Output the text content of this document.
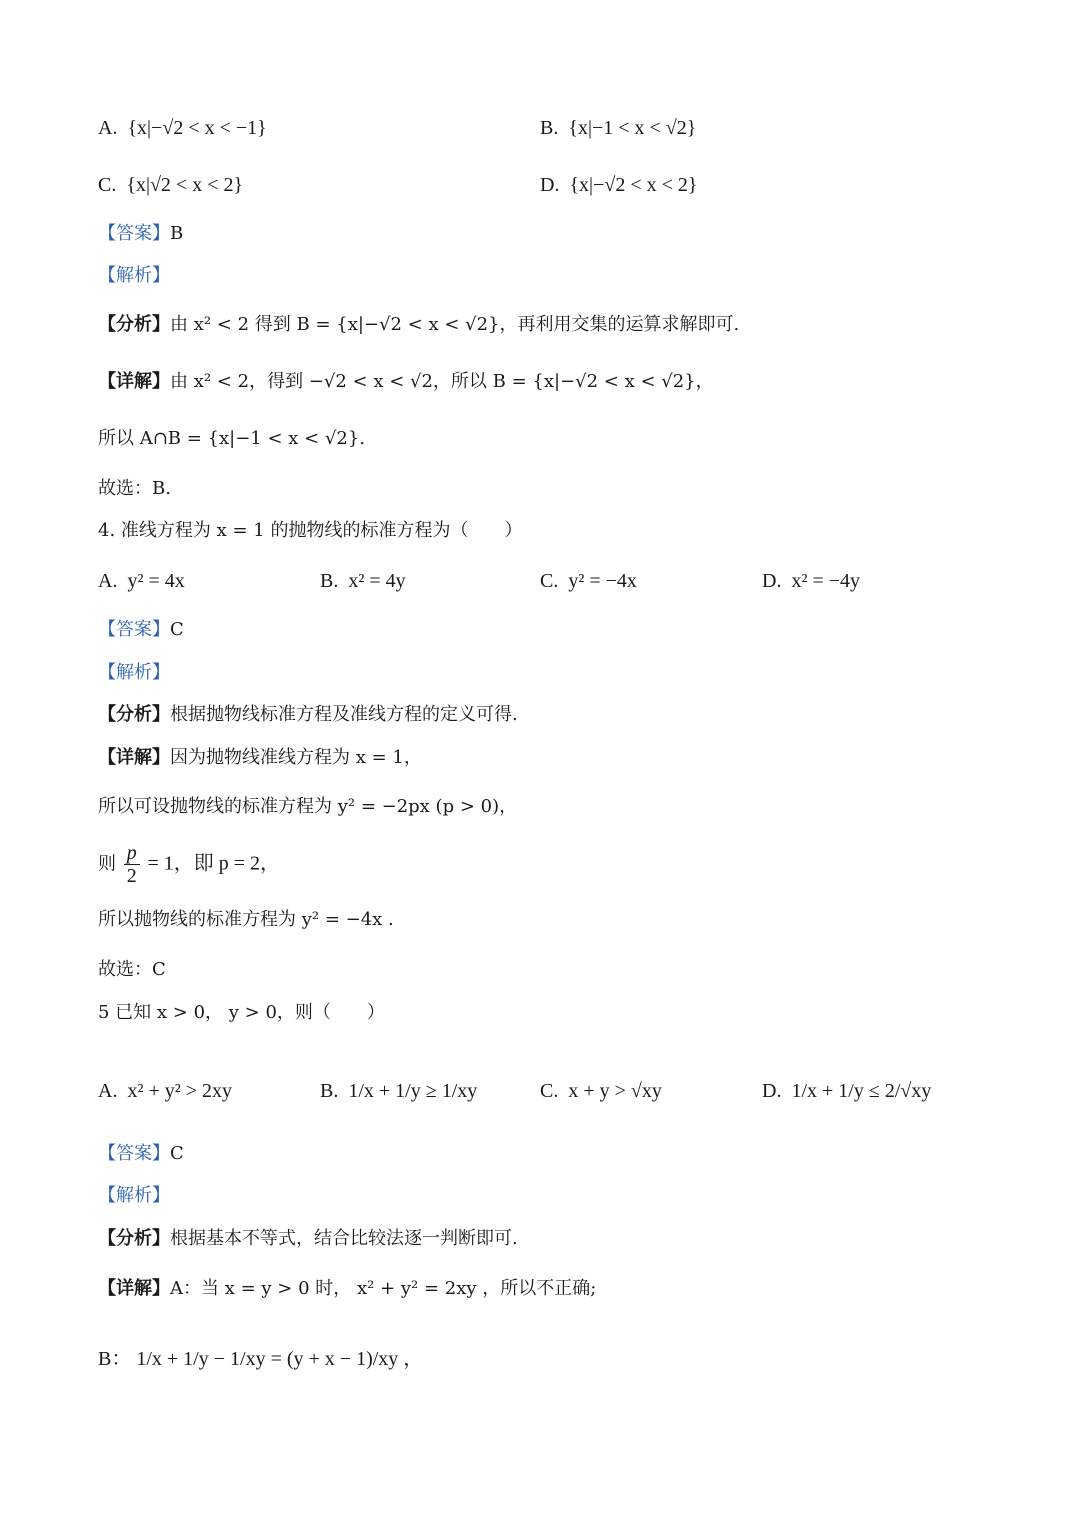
A. {x|−√2 < x < −1}	B. {x|−1 < x < √2}
C. {x|√2 < x < 2}	D. {x|−√2 < x < 2}
【答案】B
【解析】
【分析】由 x² < 2 得到 B = {x|−√2 < x < √2}，再利用交集的运算求解即可.
【详解】由 x² < 2，得到 −√2 < x < √2，所以 B = {x|−√2 < x < √2}，
所以 A∩B = {x|−1 < x < √2}.
故选：B.
4. 准线方程为 x = 1 的抛物线的标准方程为（　　）
A. y² = 4x	B. x² = 4y	C. y² = −4x	D. x² = −4y
【答案】C
【解析】
【分析】根据抛物线标准方程及准线方程的定义可得.
【详解】因为抛物线准线方程为 x = 1，
所以可设抛物线的标准方程为 y² = −2px (p > 0)，
则 $\frac{p}{2} = 1$，即 p = 2，
所以抛物线的标准方程为 y² = −4x .
故选：C
5 已知 x > 0， y > 0，则（　　）
A. x² + y² > 2xy	B. 1/x + 1/y ≥ 1/xy	C. x + y > √xy	D. 1/x + 1/y ≤ 2/√xy
【答案】C
【解析】
【分析】根据基本不等式，结合比较法逐一判断即可.
【详解】A：当 x = y > 0 时， x² + y² = 2xy ，所以不正确;
B： 1/x + 1/y − 1/xy = (y + x − 1)/xy ，
